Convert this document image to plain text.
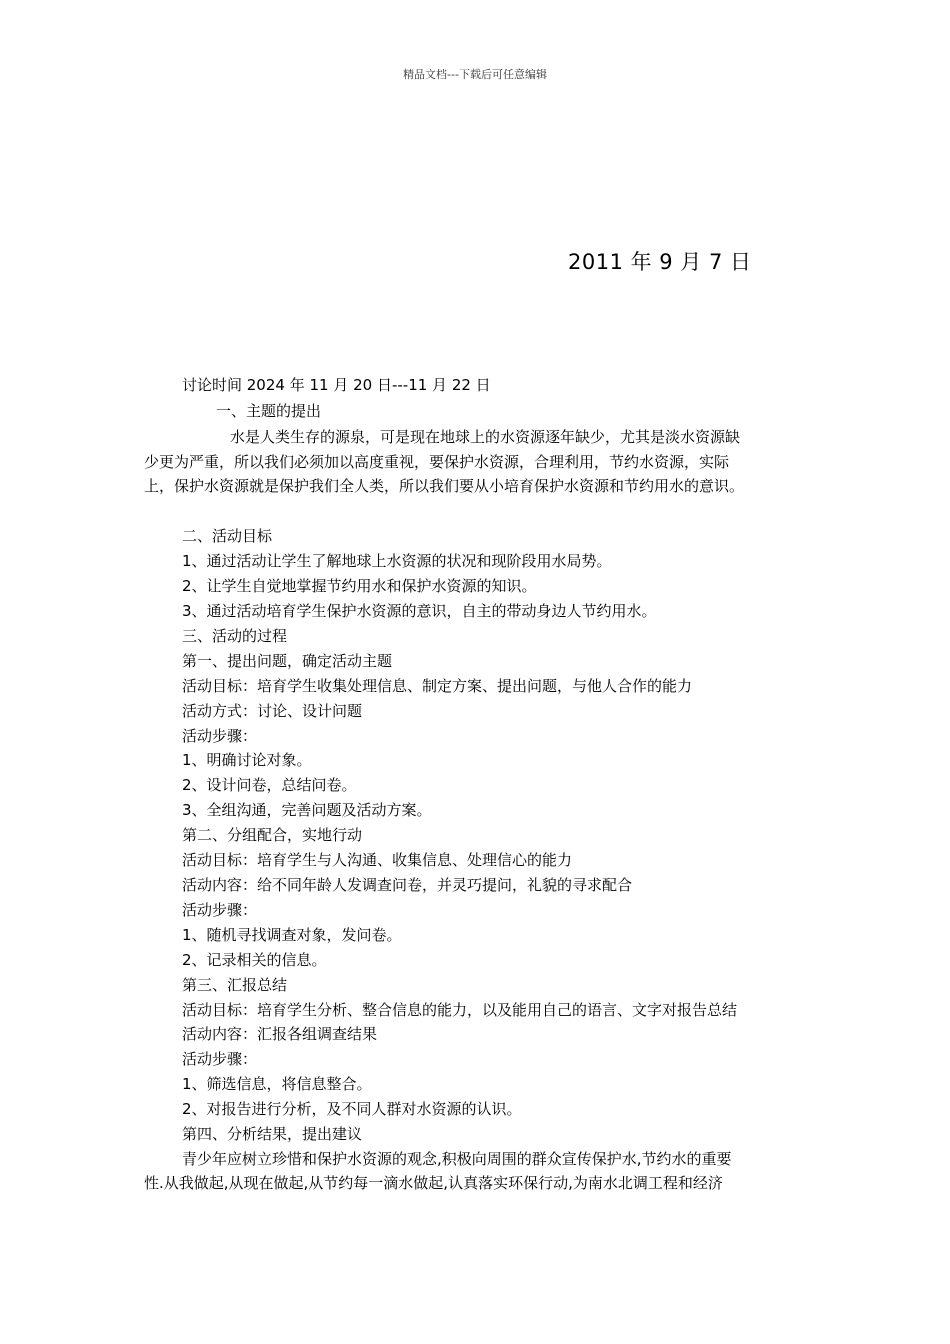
精品文档---下载后可任意编辑
2011 年 9 月 7 日
讨论时间 2024 年 11 月 20 日---11 月 22 日
一、主题的提出
水是人类生存的源泉，可是现在地球上的水资源逐年缺少，尤其是淡水资源缺
少更为严重，所以我们必须加以高度重视，要保护水资源，合理利用，节约水资源，实际
上，保护水资源就是保护我们全人类，所以我们要从小培育保护水资源和节约用水的意识。
二、活动目标
1、通过活动让学生了解地球上水资源的状况和现阶段用水局势。
2、让学生自觉地掌握节约用水和保护水资源的知识。
3、通过活动培育学生保护水资源的意识，自主的带动身边人节约用水。
三、活动的过程
第一、提出问题，确定活动主题
活动目标：培育学生收集处理信息、制定方案、提出问题，与他人合作的能力
活动方式：讨论、设计问题
活动步骤：
1、明确讨论对象。
2、设计问卷，总结问卷。
3、全组沟通，完善问题及活动方案。
第二、分组配合，实地行动
活动目标：培育学生与人沟通、收集信息、处理信心的能力
活动内容：给不同年龄人发调查问卷，并灵巧提问，礼貌的寻求配合
活动步骤：
1、随机寻找调查对象，发问卷。
2、记录相关的信息。
第三、汇报总结
活动目标：培育学生分析、整合信息的能力，以及能用自己的语言、文字对报告总结
活动内容：汇报各组调查结果
活动步骤：
1、筛选信息，将信息整合。
2、对报告进行分析，及不同人群对水资源的认识。
第四、分析结果，提出建议
青少年应树立珍惜和保护水资源的观念,积极向周围的群众宣传保护水,节约水的重要
性.从我做起,从现在做起,从节约每一滴水做起,认真落实环保行动,为南水北调工程和经济
